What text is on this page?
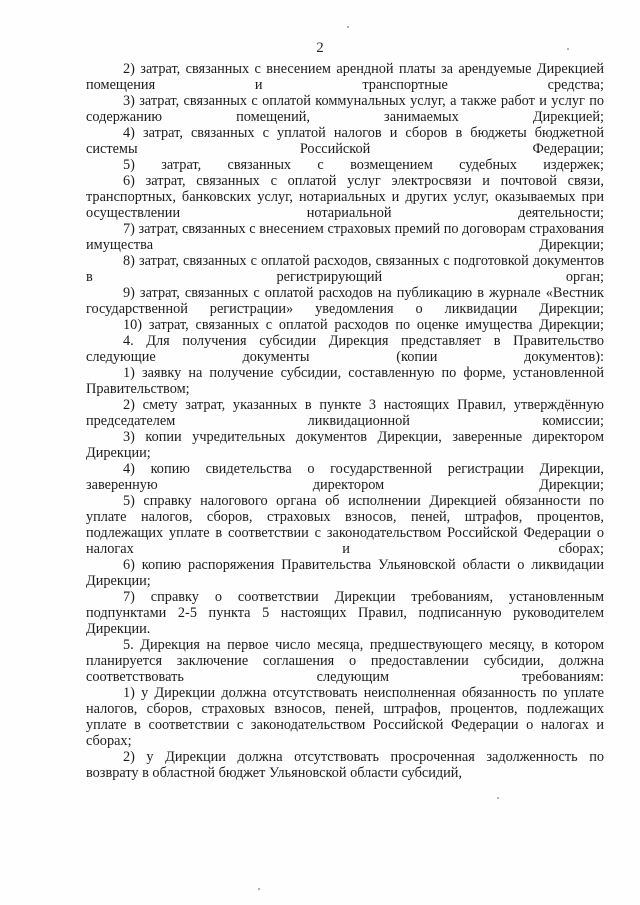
2

2) затрат, связанных с внесением арендной платы за арендуемые Дирекцией помещения и транспортные средства;

3) затрат, связанных с оплатой коммунальных услуг, а также работ и услуг по содержанию помещений, занимаемых Дирекцией;

4) затрат, связанных с уплатой налогов и сборов в бюджеты бюджетной системы Российской Федерации;

5) затрат, связанных с возмещением судебных издержек;

6) затрат, связанных с оплатой услуг электросвязи и почтовой связи, транспортных, банковских услуг, нотариальных и других услуг, оказываемых при осуществлении нотариальной деятельности;

7) затрат, связанных с внесением страховых премий по договорам страхования имущества Дирекции;

8) затрат, связанных с оплатой расходов, связанных с подготовкой документов в регистрирующий орган;

9) затрат, связанных с оплатой расходов на публикацию в журнале «Вестник государственной регистрации» уведомления о ликвидации Дирекции;

10) затрат, связанных с оплатой расходов по оценке имущества Дирекции;

4. Для получения субсидии Дирекция представляет в Правительство следующие документы (копии документов):

1) заявку на получение субсидии, составленную по форме, установленной Правительством;

2) смету затрат, указанных в пункте 3 настоящих Правил, утверждённую председателем ликвидационной комиссии;

3) копии учредительных документов Дирекции, заверенные директором Дирекции;

4) копию свидетельства о государственной регистрации Дирекции, заверенную директором Дирекции;

5) справку налогового органа об исполнении Дирекцией обязанности по уплате налогов, сборов, страховых взносов, пеней, штрафов, процентов, подлежащих уплате в соответствии с законодательством Российской Федерации о налогах и сборах;

6) копию распоряжения Правительства Ульяновской области о ликвидации Дирекции;

7) справку о соответствии Дирекции требованиям, установленным подпунктами 2-5 пункта 5 настоящих Правил, подписанную руководителем Дирекции.

5. Дирекция на первое число месяца, предшествующего месяцу, в котором планируется заключение соглашения о предоставлении субсидии, должна соответствовать следующим требованиям:

1) у Дирекции должна отсутствовать неисполненная обязанность по уплате налогов, сборов, страховых взносов, пеней, штрафов, процентов, подлежащих уплате в соответствии с законодательством Российской Федерации о налогах и сборах;

2) у Дирекции должна отсутствовать просроченная задолженность по возврату в областной бюджет Ульяновской области субсидий,
